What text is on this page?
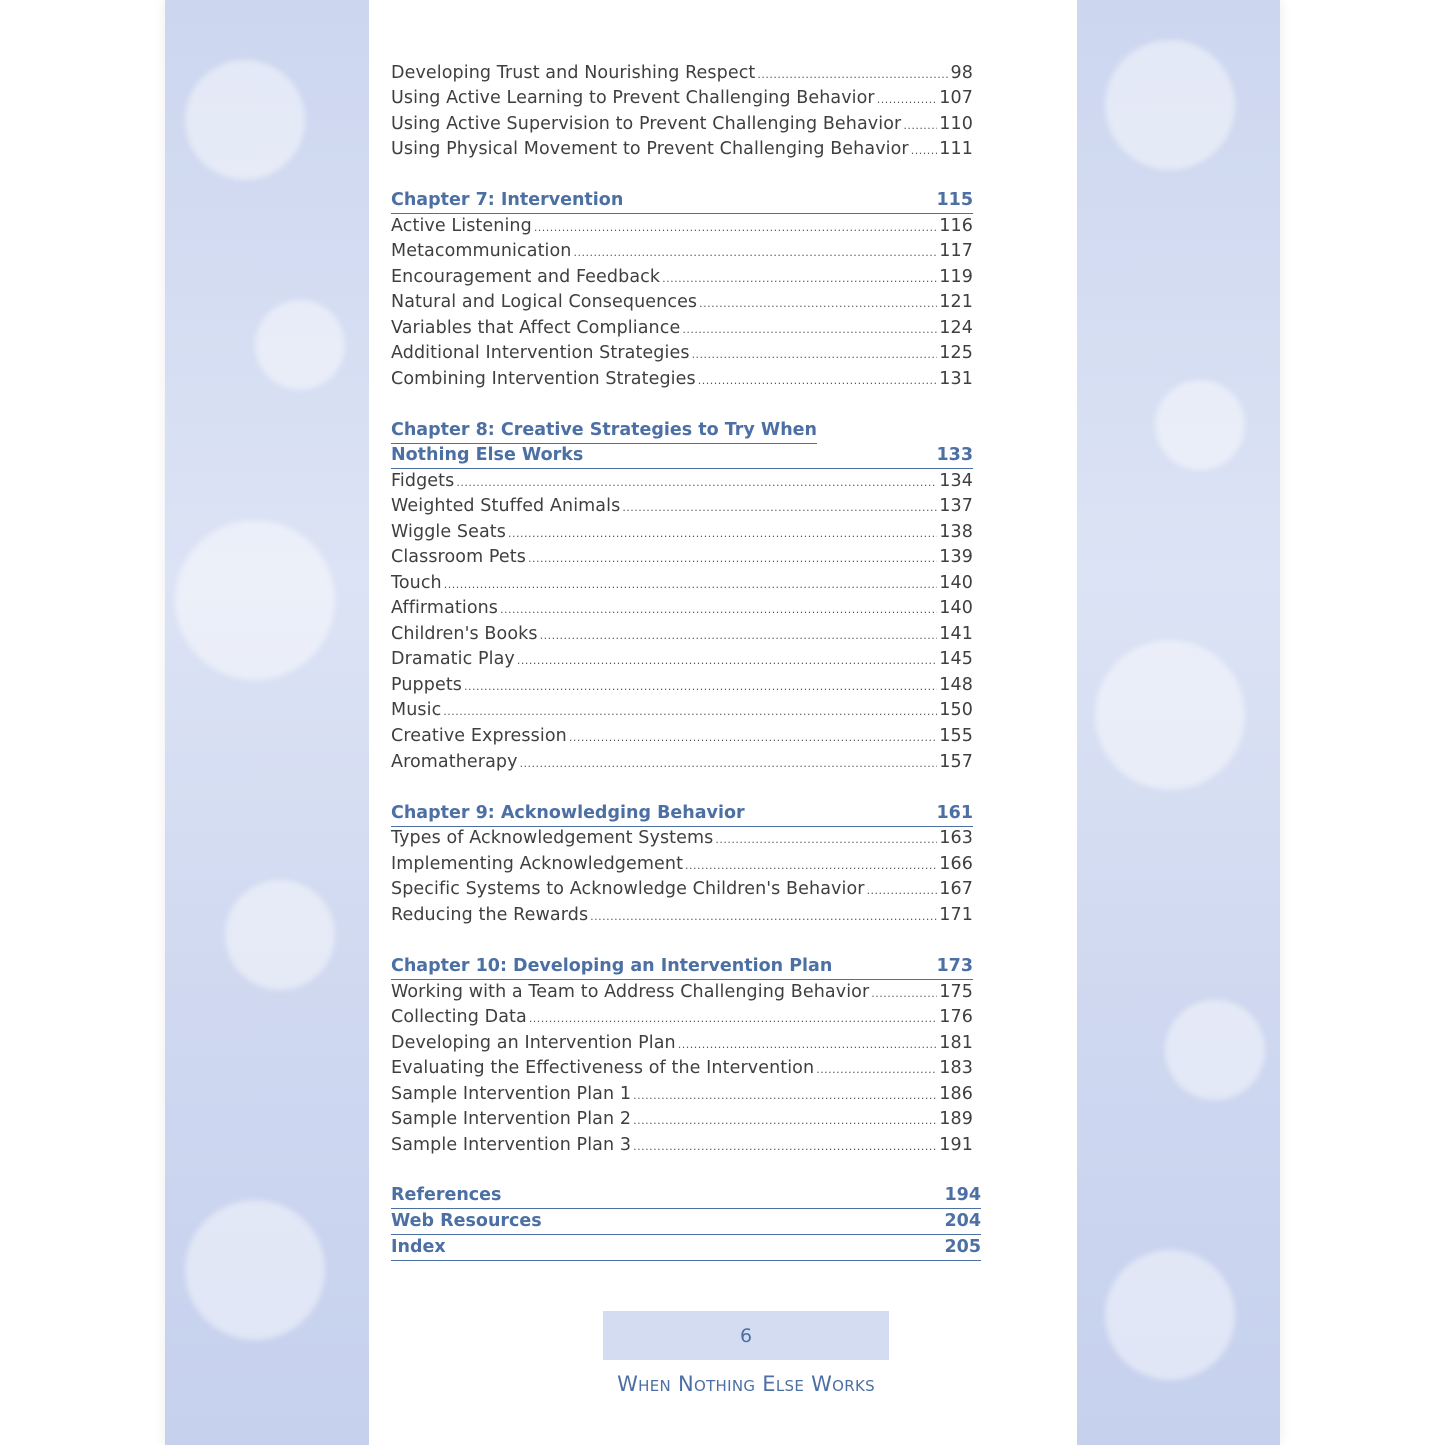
Developing Trust and Nourishing Respect .....	98
Using Active Learning to Prevent Challenging Behavior .....	107
Using Active Supervision to Prevent Challenging Behavior ..... 110
Using Physical Movement to Prevent Challenging Behavior ..... 111
Chapter 7: Intervention	115
Active Listening .....	116
Metacommunication .....	117
Encouragement and Feedback .....	119
Natural and Logical Consequences .....	121
Variables that Affect Compliance .....	124
Additional Intervention Strategies .....	125
Combining Intervention Strategies .....	131
Chapter 8: Creative Strategies to Try When
Nothing Else Works	133
Fidgets .....	134
Weighted Stuffed Animals .....	137
Wiggle Seats .....	138
Classroom Pets .....	139
Touch .....	140
Affirmations .....	140
Children's Books .....	141
Dramatic Play .....	145
Puppets .....	148
Music .....	150
Creative Expression .....	155
Aromatherapy .....	157
Chapter 9: Acknowledging Behavior	161
Types of Acknowledgement Systems .....	163
Implementing Acknowledgement .....	166
Specific Systems to Acknowledge Children's Behavior .....	167
Reducing the Rewards .....	171
Chapter 10: Developing an Intervention Plan	173
Working with a Team to Address Challenging Behavior .....	175
Collecting Data .....	176
Developing an Intervention Plan .....	181
Evaluating the Effectiveness of the Intervention .....	183
Sample Intervention Plan 1 .....	186
Sample Intervention Plan 2 .....	189
Sample Intervention Plan 3 .....	191
References	194
Web Resources	204
Index	205
6
When Nothing Else Works
